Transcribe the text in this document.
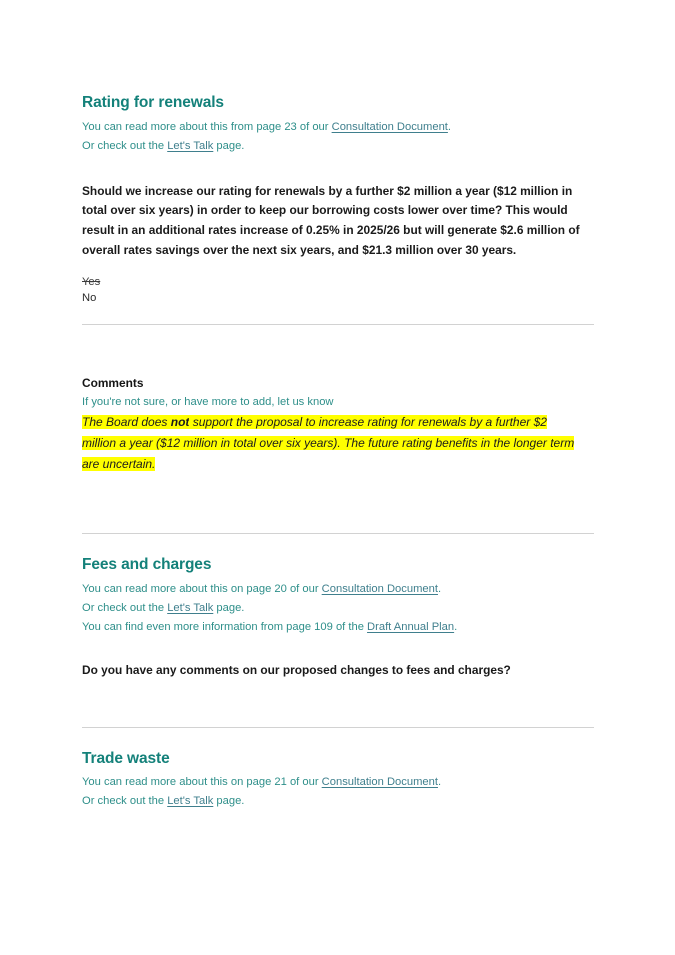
Rating for renewals

You can read more about this from page 23 of our Consultation Document.

Or check out the Let's Talk page.

Should we increase our rating for renewals by a further $2 million a year ($12 million in total over six years) in order to keep our borrowing costs lower over time? This would result in an additional rates increase of 0.25% in 2025/26 but will generate $2.6 million of overall rates savings over the next six years, and $21.3 million over 30 years.

Yes
No

Comments

If you're not sure, or have more to add, let us know

The Board does not support the proposal to increase rating for renewals by a further $2 million a year ($12 million in total over six years). The future rating benefits in the longer term are uncertain.

Fees and charges

You can read more about this on page 20 of our Consultation Document.

Or check out the Let's Talk page.

You can find even more information from page 109 of the Draft Annual Plan.

Do you have any comments on our proposed changes to fees and charges?

Trade waste

You can read more about this on page 21 of our Consultation Document.

Or check out the Let's Talk page.
